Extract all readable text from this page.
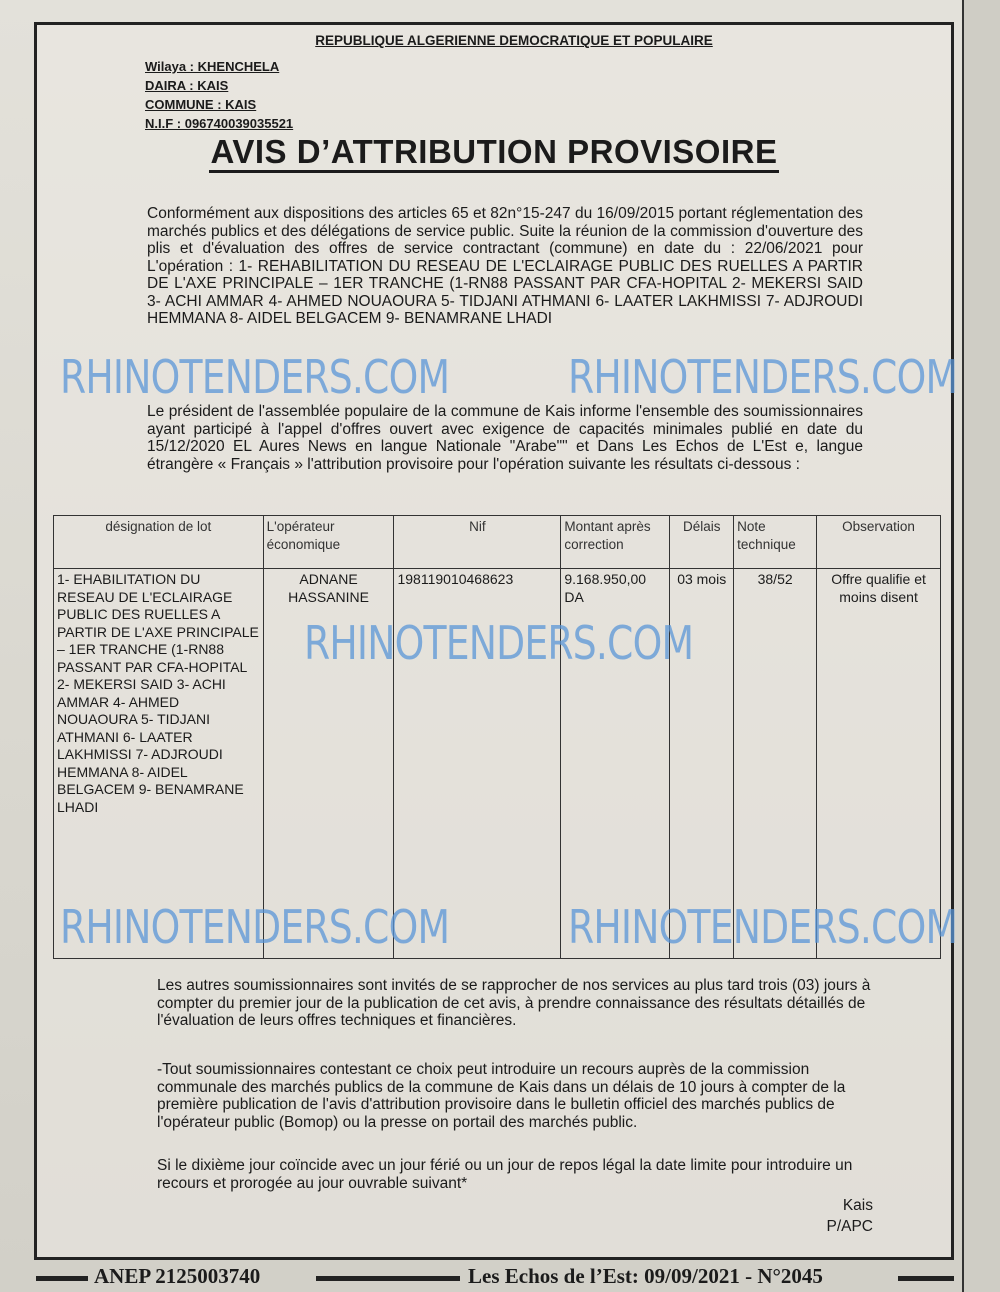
REPUBLIQUE ALGERIENNE DEMOCRATIQUE ET POPULAIRE
Wilaya : KHENCHELA
DAIRA : KAIS
COMMUNE : KAIS
N.I.F : 096740039035521
AVIS D’ATTRIBUTION PROVISOIRE
Conformément aux dispositions des articles 65 et 82n°15-247 du 16/09/2015 portant réglementation des marchés publics et des délégations de service public. Suite la réunion de la commission d'ouverture des plis et d'évaluation des offres de service contractant (commune) en date du : 22/06/2021 pour L'opération : 1- REHABILITATION DU RESEAU DE L'ECLAIRAGE PUBLIC DES RUELLES A PARTIR DE L'AXE PRINCIPALE – 1ER TRANCHE (1-RN88 PASSANT PAR CFA-HOPITAL 2- MEKERSI SAID 3- ACHI AMMAR 4- AHMED NOUAOURA 5- TIDJANI ATHMANI 6- LAATER LAKHMISSI 7- ADJROUDI HEMMANA 8- AIDEL BELGACEM 9- BENAMRANE LHADI
Le président de l'assemblée populaire de la commune de Kais informe l'ensemble des soumissionnaires ayant participé à l'appel d'offres ouvert avec exigence de capacités minimales publié en date du 15/12/2020 EL Aures News en langue Nationale "Arabe"" et Dans Les Echos de L'Est e, langue étrangère « Français » l'attribution provisoire pour l'opération suivante les résultats ci-dessous :
désignation de lot	L'opérateur économique	Nif	Montant après correction	Délais	Note technique	Observation
1- EHABILITATION DU RESEAU DE L'ECLAIRAGE PUBLIC DES RUELLES A PARTIR DE L'AXE PRINCIPALE – 1ER TRANCHE (1-RN88 PASSANT PAR CFA-HOPITAL 2- MEKERSI SAID 3- ACHI AMMAR 4- AHMED NOUAOURA 5- TIDJANI ATHMANI 6- LAATER LAKHMISSI 7- ADJROUDI HEMMANA 8- AIDEL BELGACEM 9- BENAMRANE LHADI	ADNANE HASSANINE	198119010468623	9.168.950,00 DA	03 mois	38/52	Offre qualifie et moins disent
Les autres soumissionnaires sont invités de se rapprocher de nos services au plus tard trois (03) jours à compter du premier jour de la publication de cet avis, à prendre connaissance des résultats détaillés de l'évaluation de leurs offres techniques et financières.
-Tout soumissionnaires contestant ce choix peut introduire un recours auprès de la commission communale des marchés publics de la commune de Kais dans un délais de 10 jours à compter de la première publication de l'avis d'attribution provisoire dans le bulletin officiel des marchés publics de l'opérateur public (Bomop) ou la presse on portail des marchés public.
Si le dixième jour coïncide avec un jour férié ou un jour de repos légal la date limite pour introduire un recours et prorogée au jour ouvrable suivant*
Kais
P/APC
ANEP 2125003740	Les Echos de l’Est: 09/09/2021 - N°2045
RHINOTENDERS.COM	RHINOTENDERS.COM
RHINOTENDERS.COM
RHINOTENDERS.COM	RHINOTENDERS.COM
